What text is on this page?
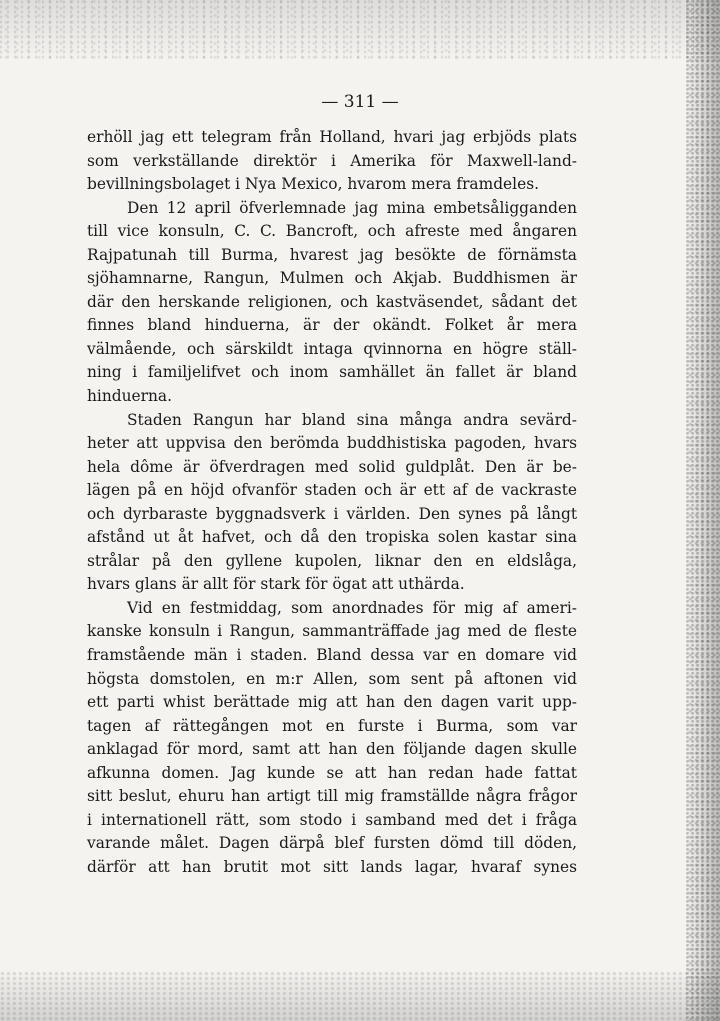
— 311 —
erhöll jag ett telegram från Holland, hvari jag erbjöds plats
som verkställande direktör i Amerika för Maxwell-land-
bevillningsbolaget i Nya Mexico, hvarom mera framdeles.
Den 12 april öfverlemnade jag mina embetsåligganden
till vice konsuln, C. C. Bancroft, och afreste med ångaren
Rajpatunah till Burma, hvarest jag besökte de förnämsta
sjöhamnarne, Rangun, Mulmen och Akjab. Buddhismen är
där den herskande religionen, och kastväsendet, sådant det
finnes bland hinduerna, är der okändt. Folket år mera
välmående, och särskildt intaga qvinnorna en högre ställ-
ning i familjelifvet och inom samhället än fallet är bland
hinduerna.
Staden Rangun har bland sina många andra sevärd-
heter att uppvisa den berömda buddhistiska pagoden, hvars
hela dôme är öfverdragen med solid guldplåt. Den är be-
lägen på en höjd ofvanför staden och är ett af de vackraste
och dyrbaraste byggnadsverk i världen. Den synes på långt
afstånd ut åt hafvet, och då den tropiska solen kastar sina
strålar på den gyllene kupolen, liknar den en eldslåga,
hvars glans är allt för stark för ögat att uthärda.
Vid en festmiddag, som anordnades för mig af ameri-
kanske konsuln i Rangun, sammanträffade jag med de fleste
framstående män i staden. Bland dessa var en domare vid
högsta domstolen, en m:r Allen, som sent på aftonen vid
ett parti whist berättade mig att han den dagen varit upp-
tagen af rättegången mot en furste i Burma, som var
anklagad för mord, samt att han den följande dagen skulle
afkunna domen. Jag kunde se att han redan hade fattat
sitt beslut, ehuru han artigt till mig framställde några frågor
i internationell rätt, som stodo i samband med det i fråga
varande målet. Dagen därpå blef fursten dömd till döden,
därför att han brutit mot sitt lands lagar, hvaraf synes
